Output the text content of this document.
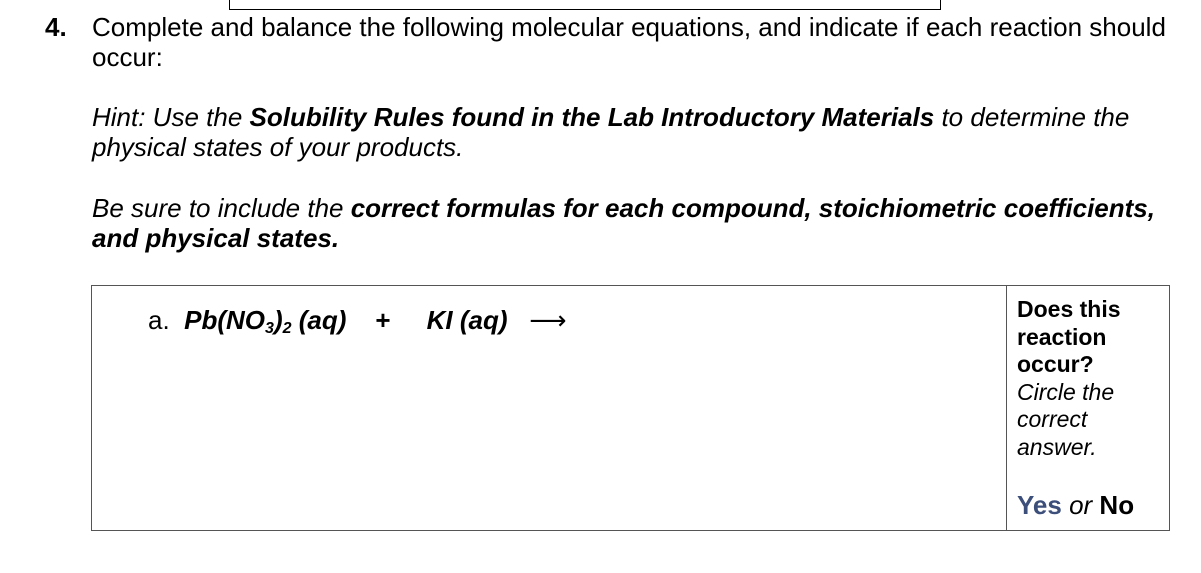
4. Complete and balance the following molecular equations, and indicate if each reaction should occur:
Hint: Use the Solubility Rules found in the Lab Introductory Materials to determine the physical states of your products.
Be sure to include the correct formulas for each compound, stoichiometric coefficients, and physical states.
a. $Pb(NO_3)_2$ (aq) + KI (aq) ⟶	Does this
reaction
occur?
Circle the
correct
answer.
Yes or No
